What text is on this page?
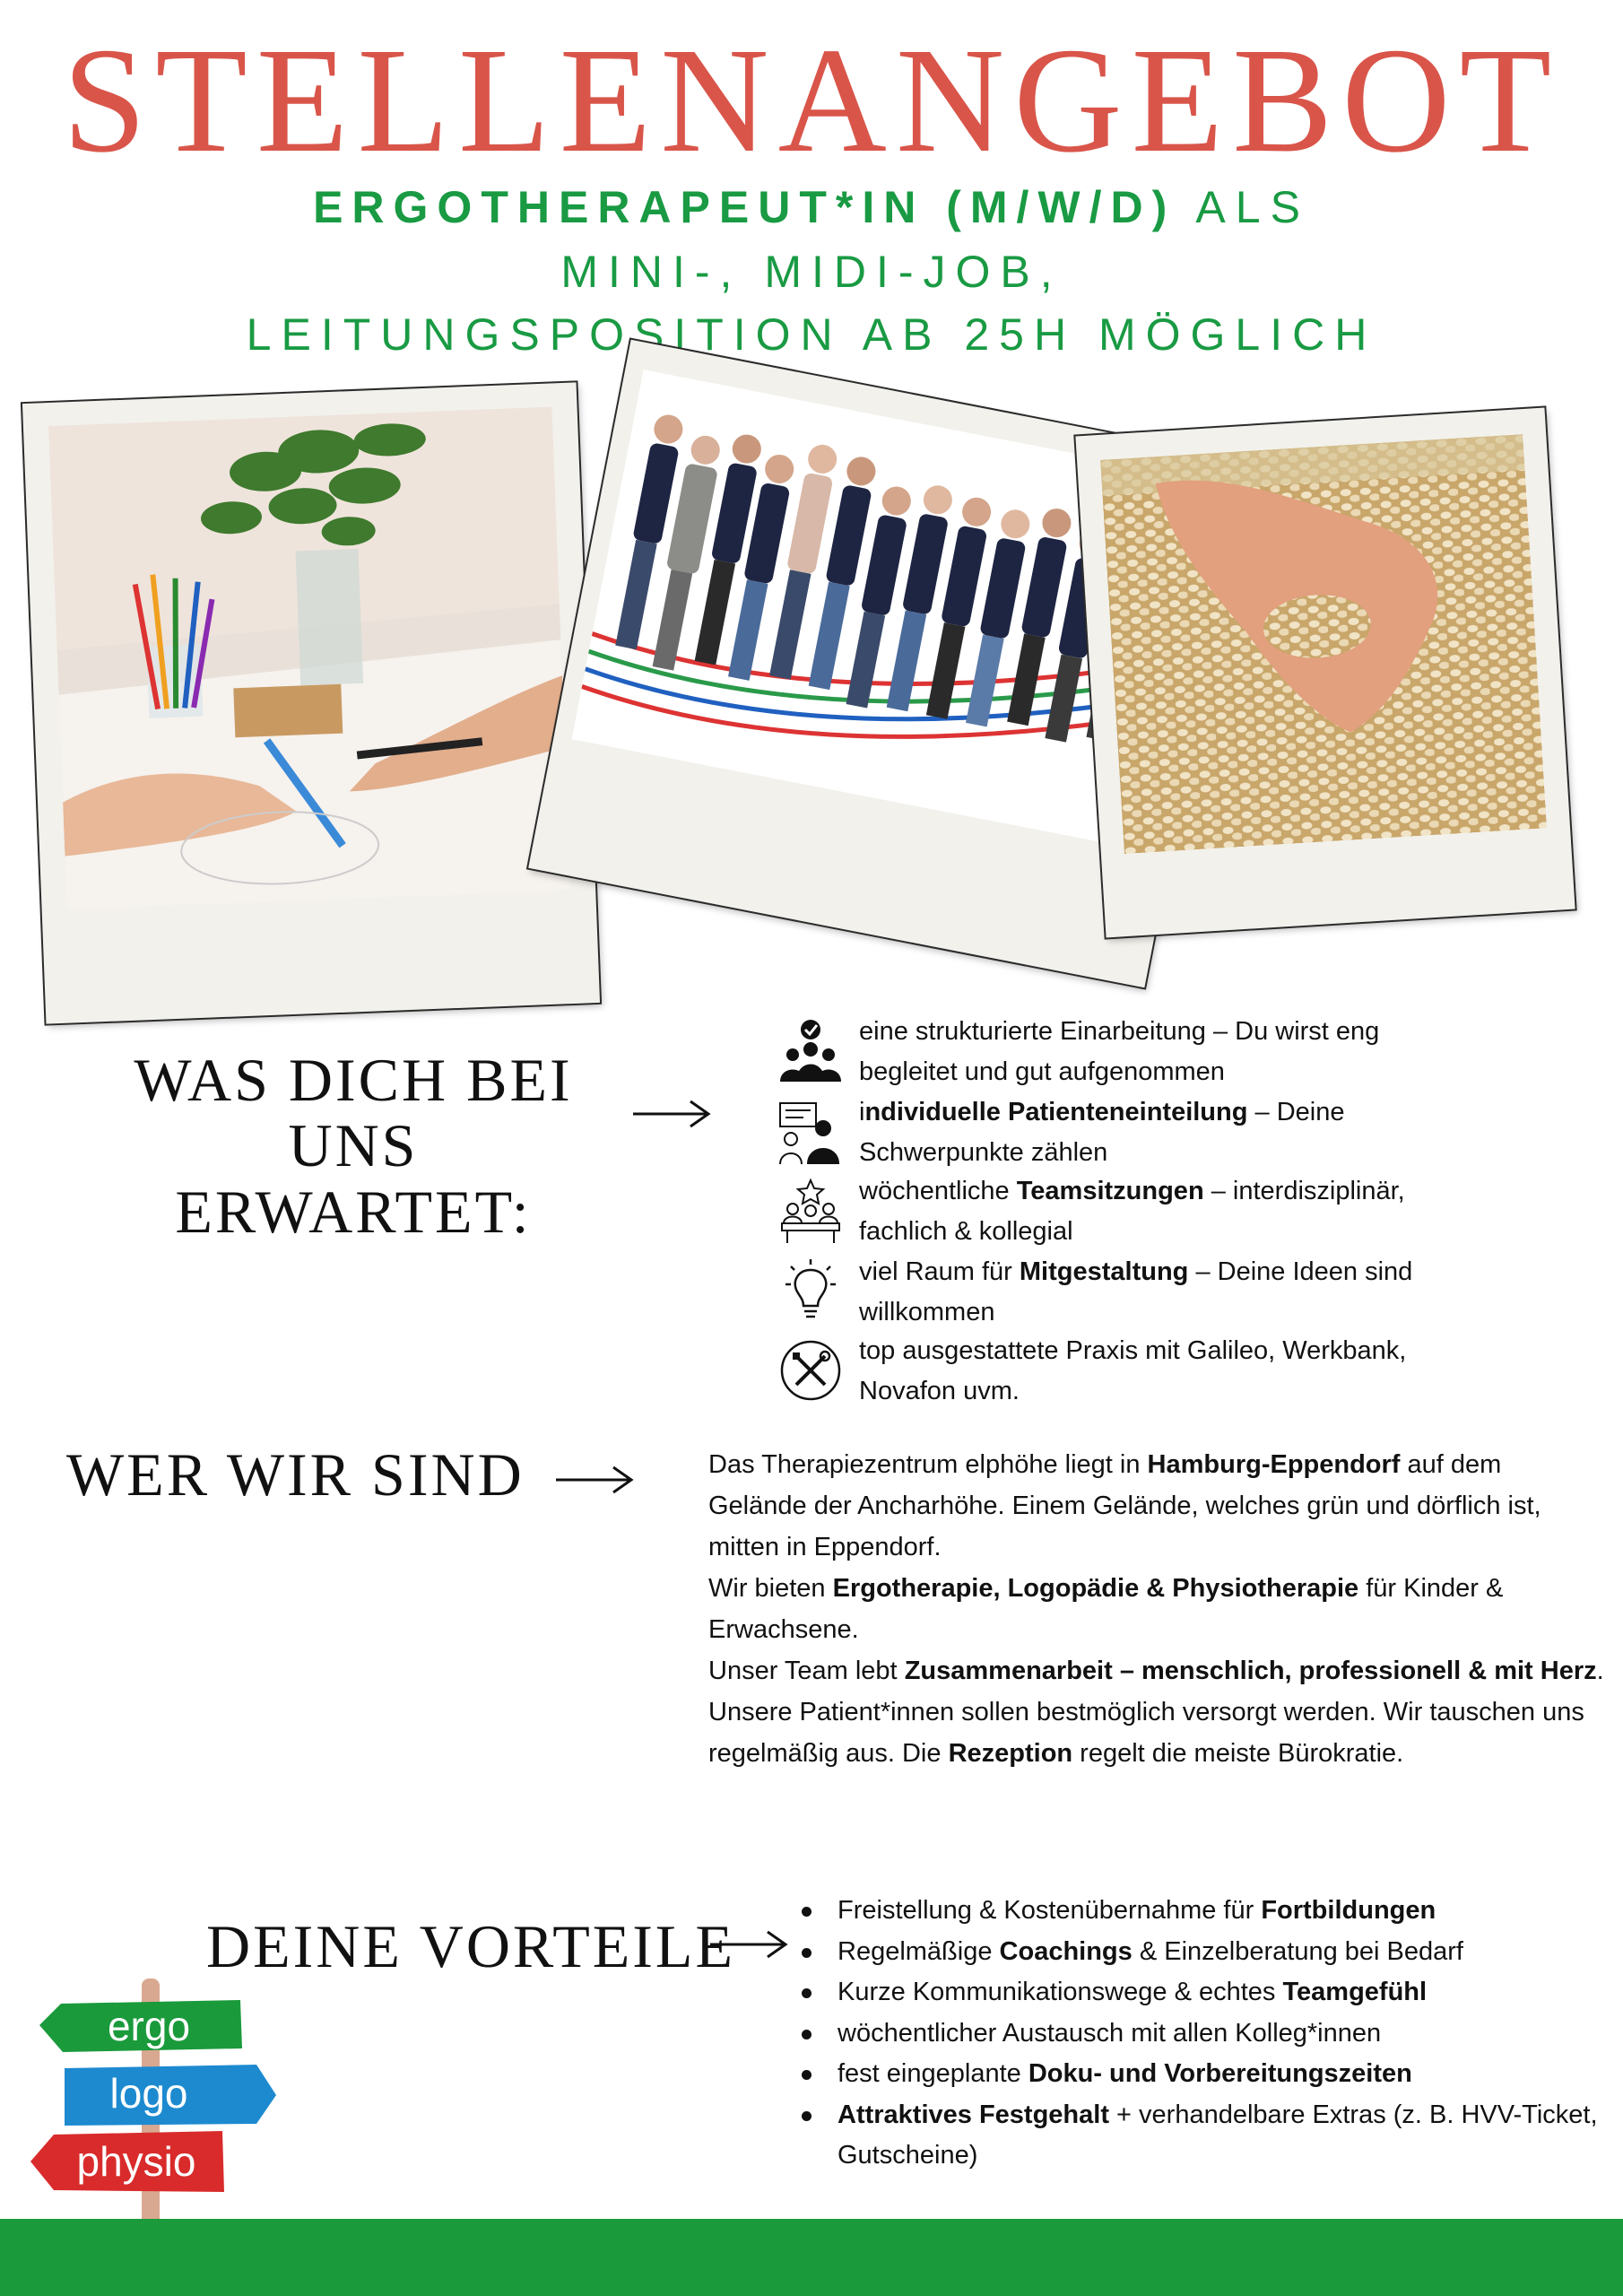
STELLENANGEBOT
ERGOTHERAPEUT*IN (M/W/D) ALS
MINI-, MIDI-JOB,
LEITUNGSPOSITION AB 25H MÖGLICH
WAS DICH BEI
UNS ERWARTET:
eine strukturierte Einarbeitung – Du wirst eng begleitet und gut aufgenommen
individuelle Patienteneinteilung – Deine Schwerpunkte zählen
wöchentliche Teamsitzungen – interdisziplinär, fachlich & kollegial
viel Raum für Mitgestaltung – Deine Ideen sind willkommen
top ausgestattete Praxis mit Galileo, Werkbank, Novafon uvm.
WER WIR SIND	Das Therapiezentrum elphöhe liegt in Hamburg-Eppendorf auf dem Gelände der Ancharhöhe. Einem Gelände, welches grün und dörflich ist, mitten in Eppendorf.

Wir bieten Ergotherapie, Logopädie & Physiotherapie für Kinder & Erwachsene.

Unser Team lebt Zusammenarbeit – menschlich, professionell & mit Herz. Unsere Patient*innen sollen bestmöglich versorgt werden. Wir tauschen uns regelmäßig aus. Die Rezeption regelt die meiste Bürokratie.

DEINE VORTEILE
Freistellung & Kostenübernahme für Fortbildungen
Regelmäßige Coachings & Einzelberatung bei Bedarf
Kurze Kommunikationswege & echtes Teamgefühl
wöchentlicher Austausch mit allen Kolleg*innen
fest eingeplante Doku- und Vorbereitungszeiten
Attraktives Festgehalt + verhandelbare Extras (z. B. HVV-Ticket, Gutscheine)
ergo
logo
physio
